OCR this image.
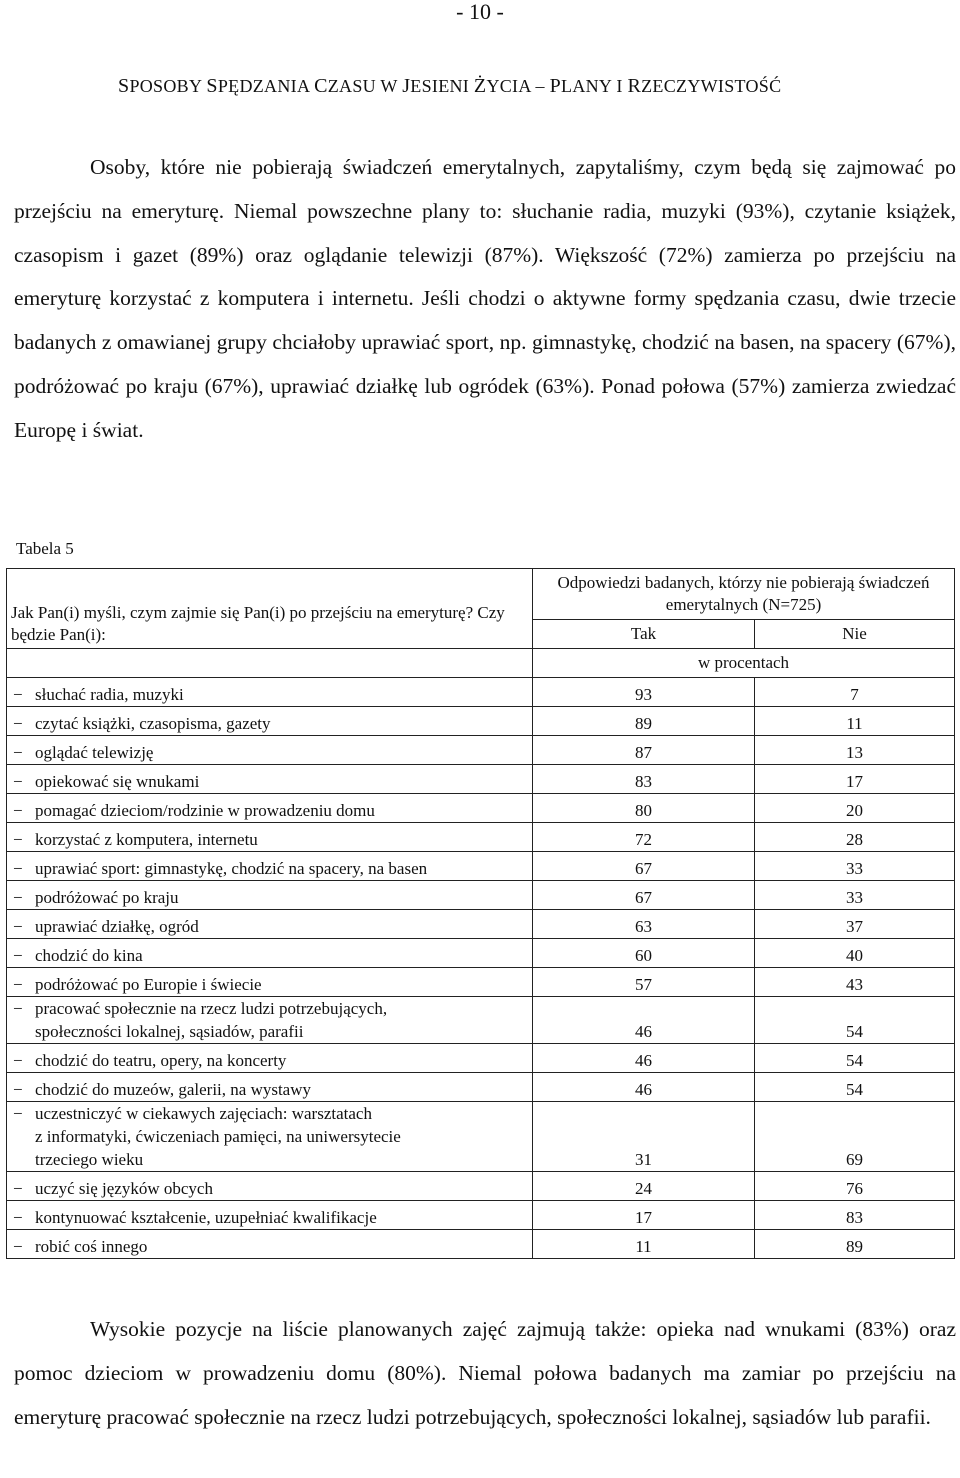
- 10 -
SPOSOBY SPĘDZANIA CZASU W JESIENI ŻYCIA – PLANY I RZECZYWISTOŚĆ

Osoby, które nie pobierają świadczeń emerytalnych, zapytaliśmy, czym będą się zajmować po przejściu na emeryturę. Niemal powszechne plany to: słuchanie radia, muzyki (93%), czytanie książek, czasopism i gazet (89%) oraz oglądanie telewizji (87%). Większość (72%) zamierza po przejściu na emeryturę korzystać z komputera i internetu. Jeśli chodzi o aktywne formy spędzania czasu, dwie trzecie badanych z omawianej grupy chciałoby uprawiać sport, np. gimnastykę, chodzić na basen, na spacery (67%), podróżować po kraju (67%), uprawiać działkę lub ogródek (63%). Ponad połowa (57%) zamierza zwiedzać Europę i świat.

Tabela 5
Jak Pan(i) myśli, czym zajmie się Pan(i) po przejściu na emeryturę? Czy będzie Pan(i):	Odpowiedzi badanych, którzy nie pobierają świadczeń emerytalnych (N=725)	
	Tak	Nie
	w procentach	

− słuchać radia, muzyki	93	7

− czytać książki, czasopisma, gazety	89	11

− oglądać telewizję	87	13

− opiekować się wnukami	83	17

− pomagać dzieciom/rodzinie w prowadzeniu domu	80	20

− korzystać z komputera, internetu	72	28

− uprawiać sport: gimnastykę, chodzić na spacery, na basen	67	33

− podróżować po kraju	67	33

− uprawiać działkę, ogród	63	37

− chodzić do kina	60	40

− podróżować po Europie i świecie	57	43

− pracować społecznie na rzecz ludzi potrzebujących,
społeczności lokalnej, sąsiadów, parafii	46	54

− chodzić do teatru, opery, na koncerty	46	54

− chodzić do muzeów, galerii, na wystawy	46	54

− uczestniczyć w ciekawych zajęciach: warsztatach
z informatyki, ćwiczeniach pamięci, na uniwersytecie
trzeciego wieku	31	69

− uczyć się języków obcych	24	76

− kontynuować kształcenie, uzupełniać kwalifikacje	17	83

− robić coś innego	11	89

Wysokie pozycje na liście planowanych zajęć zajmują także: opieka nad wnukami (83%) oraz pomoc dzieciom w prowadzeniu domu (80%). Niemal połowa badanych ma zamiar po przejściu na emeryturę pracować społecznie na rzecz ludzi potrzebujących, społeczności lokalnej, sąsiadów lub parafii.
